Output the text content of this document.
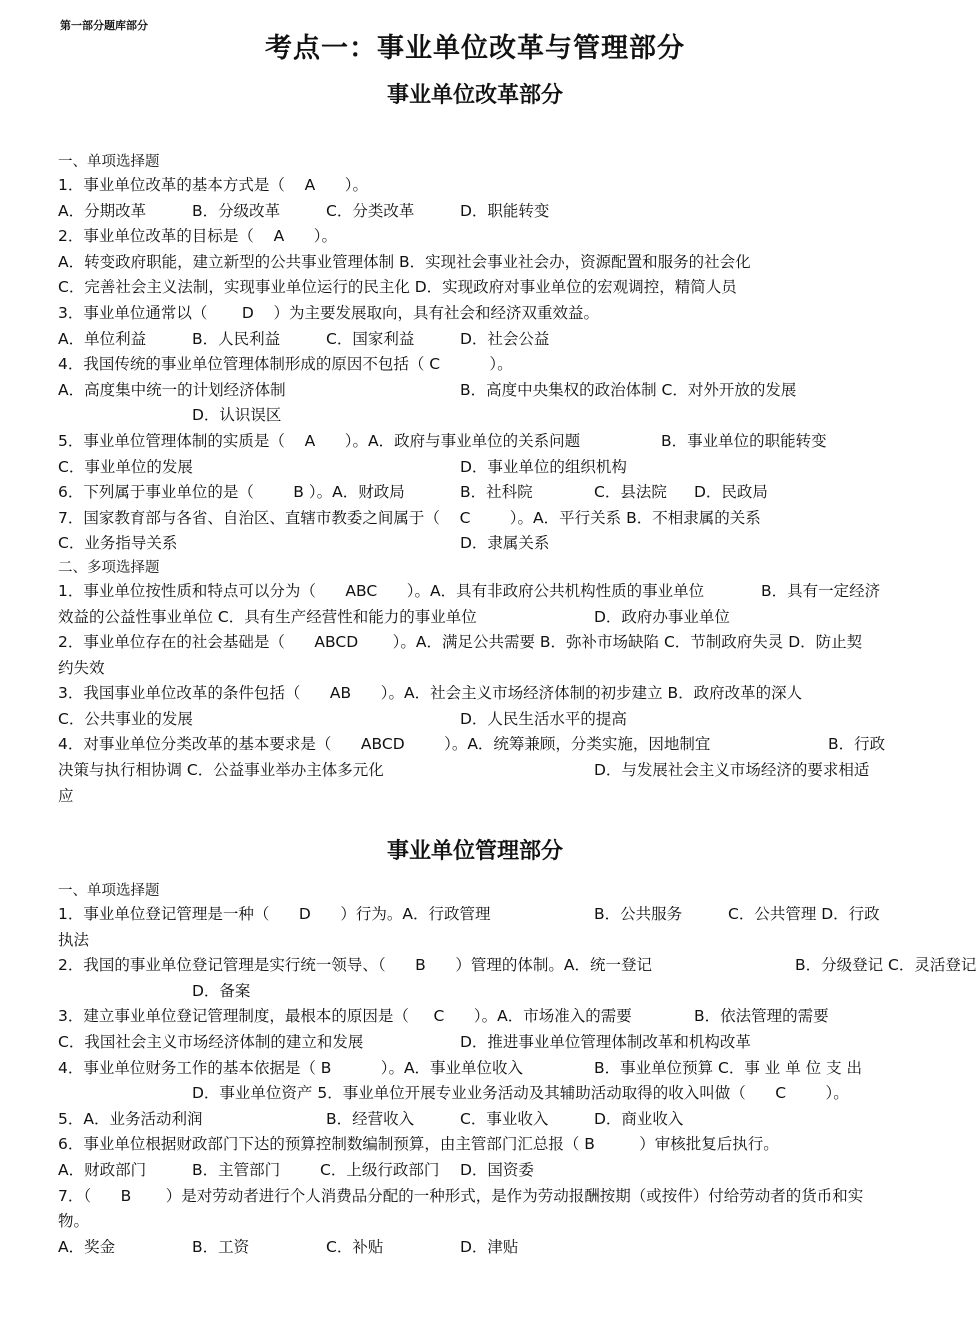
第一部分题库部分
考点一：事业单位改革与管理部分
事业单位改革部分
一、单项选择题
1．事业单位改革的基本方式是（    A      ）。
A．分期改革	B．分级改革	C．分类改革	D．职能转变
2．事业单位改革的目标是（    A      ）。
A．转变政府职能，建立新型的公共事业管理体制 B．实现社会事业社会办，资源配置和服务的社会化
C．完善社会主义法制，实现事业单位运行的民主化 D．实现政府对事业单位的宏观调控，精简人员
3．事业单位通常以（       D    ）为主要发展取向，具有社会和经济双重效益。
A．单位利益	B．人民利益	C．国家利益	D．社会公益
4．我国传统的事业单位管理体制形成的原因不包括（ C          ）。
A．高度集中统一的计划经济体制	B．高度中央集权的政治体制 C．对外开放的发展
D．认识误区
5．事业单位管理体制的实质是（    A      ）。A．政府与事业单位的关系问题	B．事业单位的职能转变
C．事业单位的发展	D．事业单位的组织机构
6．下列属于事业单位的是（        B ）。A．财政局	B．社科院	C．县法院 D．民政局
7．国家教育部与各省、自治区、直辖市教委之间属于（    C        ）。A．平行关系 B．不相隶属的关系
C．业务指导关系	D．隶属关系
二、多项选择题
1．事业单位按性质和特点可以分为（      ABC      ）。A．具有非政府公共机构性质的事业单位	B．具有一定经济
效益的公益性事业单位 C．具有生产经营性和能力的事业单位	D．政府办事业单位
2．事业单位存在的社会基础是（      ABCD       ）。A．满足公共需要 B．弥补市场缺陷 C．节制政府失灵 D．防止契
约失效
3．我国事业单位改革的条件包括（      AB      ）。A．社会主义市场经济体制的初步建立 B．政府改革的深人
C．公共事业的发展	D．人民生活水平的提高
4．对事业单位分类改革的基本要求是（      ABCD        ）。A．统筹兼顾，分类实施，因地制宜	B．行政
决策与执行相协调 C．公益事业举办主体多元化	D．与发展社会主义市场经济的要求相适
应
事业单位管理部分
一、单项选择题
1．事业单位登记管理是一种（      D      ）行为。A．行政管理	B．公共服务	C．公共管理 D．行政
执法
2．我国的事业单位登记管理是实行统一领导、（      B      ）管理的体制。A．统一登记	B．分级登记 C．灵活登记
D．备案
3．建立事业单位登记管理制度，最根本的原因是（     C      ）。A．市场准入的需要	B．依法管理的需要
C．我国社会主义市场经济体制的建立和发展	D．推进事业单位管理体制改革和机构改革
4．事业单位财务工作的基本依据是（ B          ）。A．事业单位收入	B．事业单位预算 C．事 业 单 位 支 出
D．事业单位资产 5．事业单位开展专业业务活动及其辅助活动取得的收入叫做（      C        ）。
5．A．业务活动利润	B．经营收入	C．事业收入	D．商业收入
6．事业单位根据财政部门下达的预算控制数编制预算，由主管部门汇总报（ B         ）审核批复后执行。
A．财政部门	B．主管部门	C．上级行政部门 D．国资委
7．（      B       ）是对劳动者进行个人消费品分配的一种形式，是作为劳动报酬按期（或按件）付给劳动者的货币和实
物。
A．奖金	B．工资	C．补贴	D．津贴
